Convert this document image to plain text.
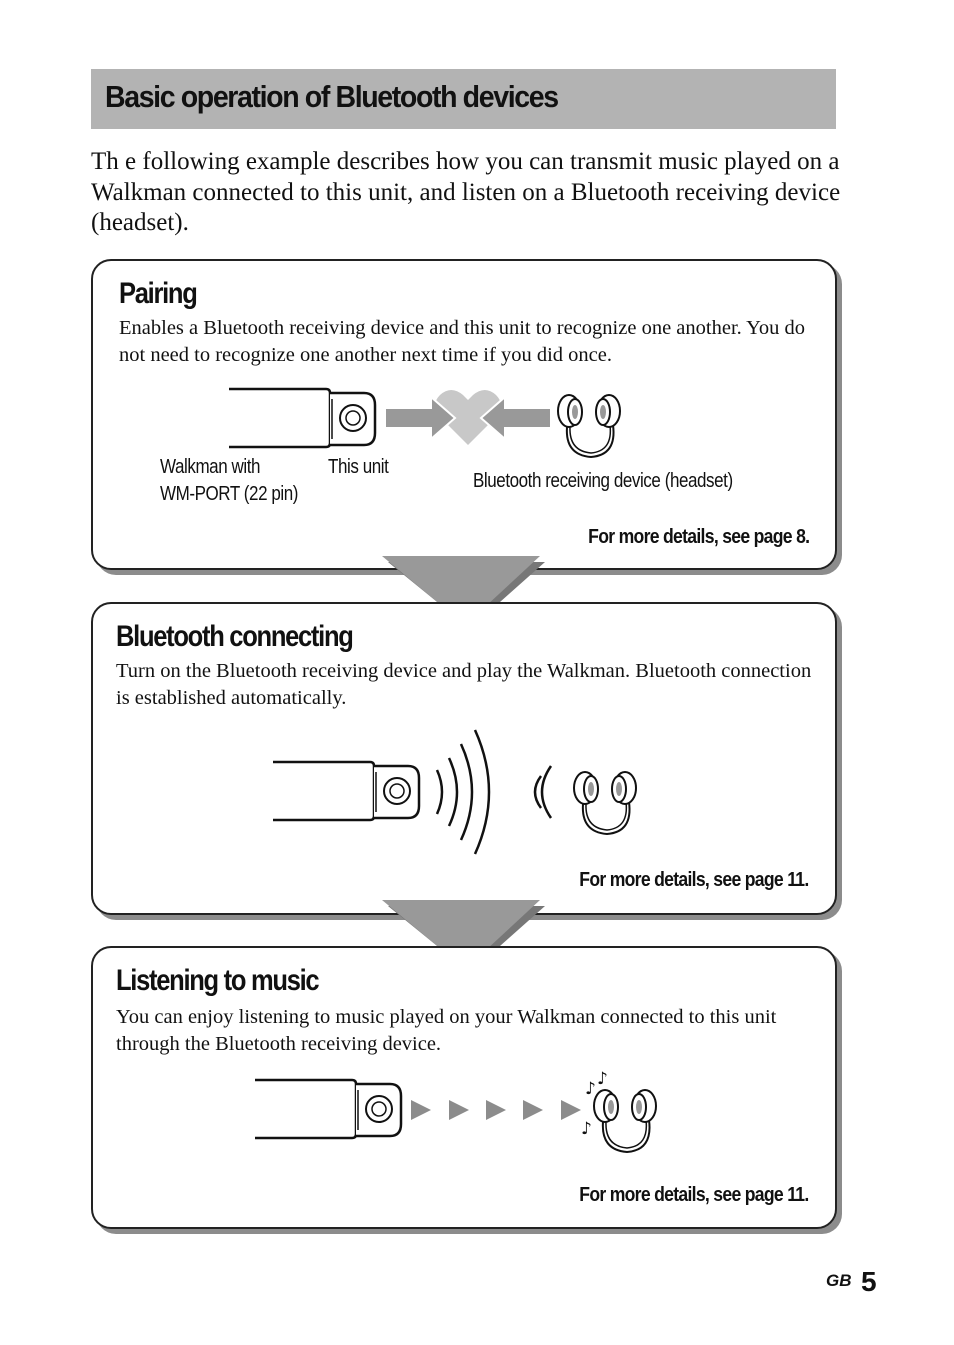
Basic operation of Bluetooth devices

Th e following example describes how you can transmit music played on a Walkman connected to this unit, and listen on a Bluetooth receiving device (headset).

Pairing

Enables a Bluetooth receiving device and this unit to recognize one another. You do not need to recognize one another next time if you did once.

Walkman with
WM-PORT (22 pin)
This unit
Bluetooth receiving device (headset)
For more details, see page 8.
Bluetooth connecting

Turn on the Bluetooth receiving device and play the Walkman. Bluetooth connection is established automatically.

For more details, see page 11.
Listening to music

You can enjoy listening to music played on your Walkman connected to this unit through the Bluetooth receiving device.

♪
♪
♪
For more details, see page 11.
GB 5
